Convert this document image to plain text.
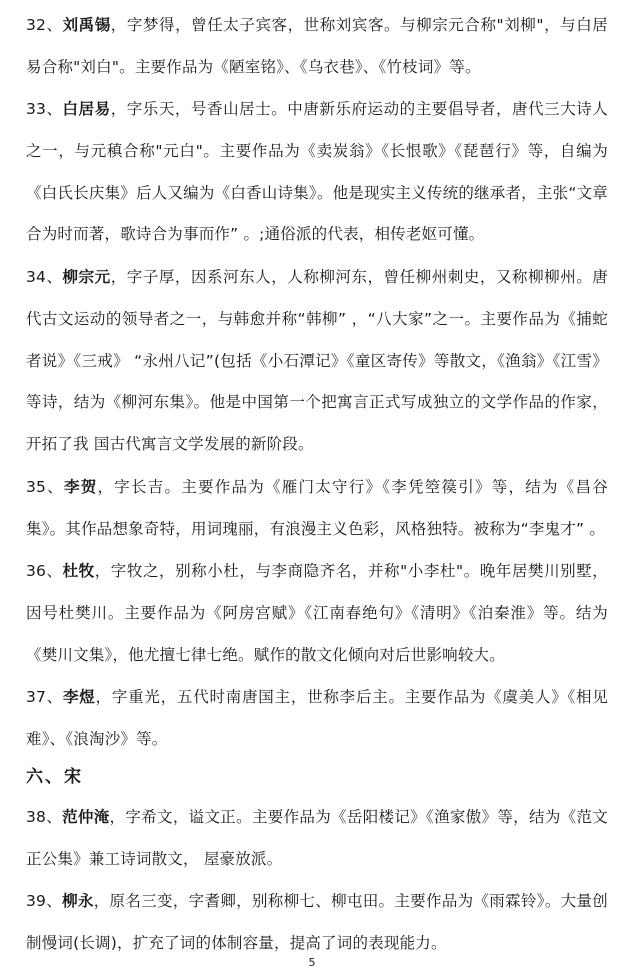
32、刘禹锡，字梦得，曾任太子宾客，世称刘宾客。与柳宗元合称"刘柳"，与白居易合称"刘白"。主要作品为《陋室铭》、《乌衣巷》、《竹枝词》等。

33、白居易，字乐天，号香山居士。中唐新乐府运动的主要倡导者，唐代三大诗人之一，与元稹合称"元白"。主要作品为《卖炭翁》《长恨歌》《琵琶行》等，自编为《白氏长庆集》后人又编为《白香山诗集》。他是现实主义传统的继承者，主张“文章合为时而著，歌诗合为事而作” 。;通俗派的代表，相传老妪可懂。

34、柳宗元，字子厚，因系河东人，人称柳河东，曾任柳州刺史，又称柳柳州。唐代古文运动的领导者之一，与韩愈并称“韩柳” ，“八大家”之一。主要作品为《捕蛇者说》《三戒》 “永州八记”(包括《小石潭记》《童区寄传》等散文，《渔翁》《江雪》等诗，结为《柳河东集》。他是中国第一个把寓言正式写成独立的文学作品的作家，开拓了我 国古代寓言文学发展的新阶段。

35、李贺，字长吉。主要作品为《雁门太守行》《李凭箜篌引》等，结为《昌谷集》。其作品想象奇特，用词瑰丽，有浪漫主义色彩，风格独特。被称为“李鬼才” 。

36、杜牧，字牧之，别称小杜，与李商隐齐名，并称"小李杜"。晚年居樊川别墅，因号杜樊川。主要作品为《阿房宫赋》《江南春绝句》《清明》《泊秦淮》等。结为《樊川文集》，他尤擅七律七绝。赋作的散文化倾向对后世影响较大。

37、李煜，字重光，五代时南唐国主，世称李后主。主要作品为《虞美人》《相见难》、《浪淘沙》等。

六、宋

38、范仲淹，字希文，谥文正。主要作品为《岳阳楼记》《渔家傲》等，结为《范文正公集》兼工诗词散文， 屋豪放派。

39、柳永，原名三变，字耆卿，别称柳七、柳屯田。主要作品为《雨霖铃》。大量创制慢词(长调)，扩充了词的体制容量，提高了词的表现能力。

5
